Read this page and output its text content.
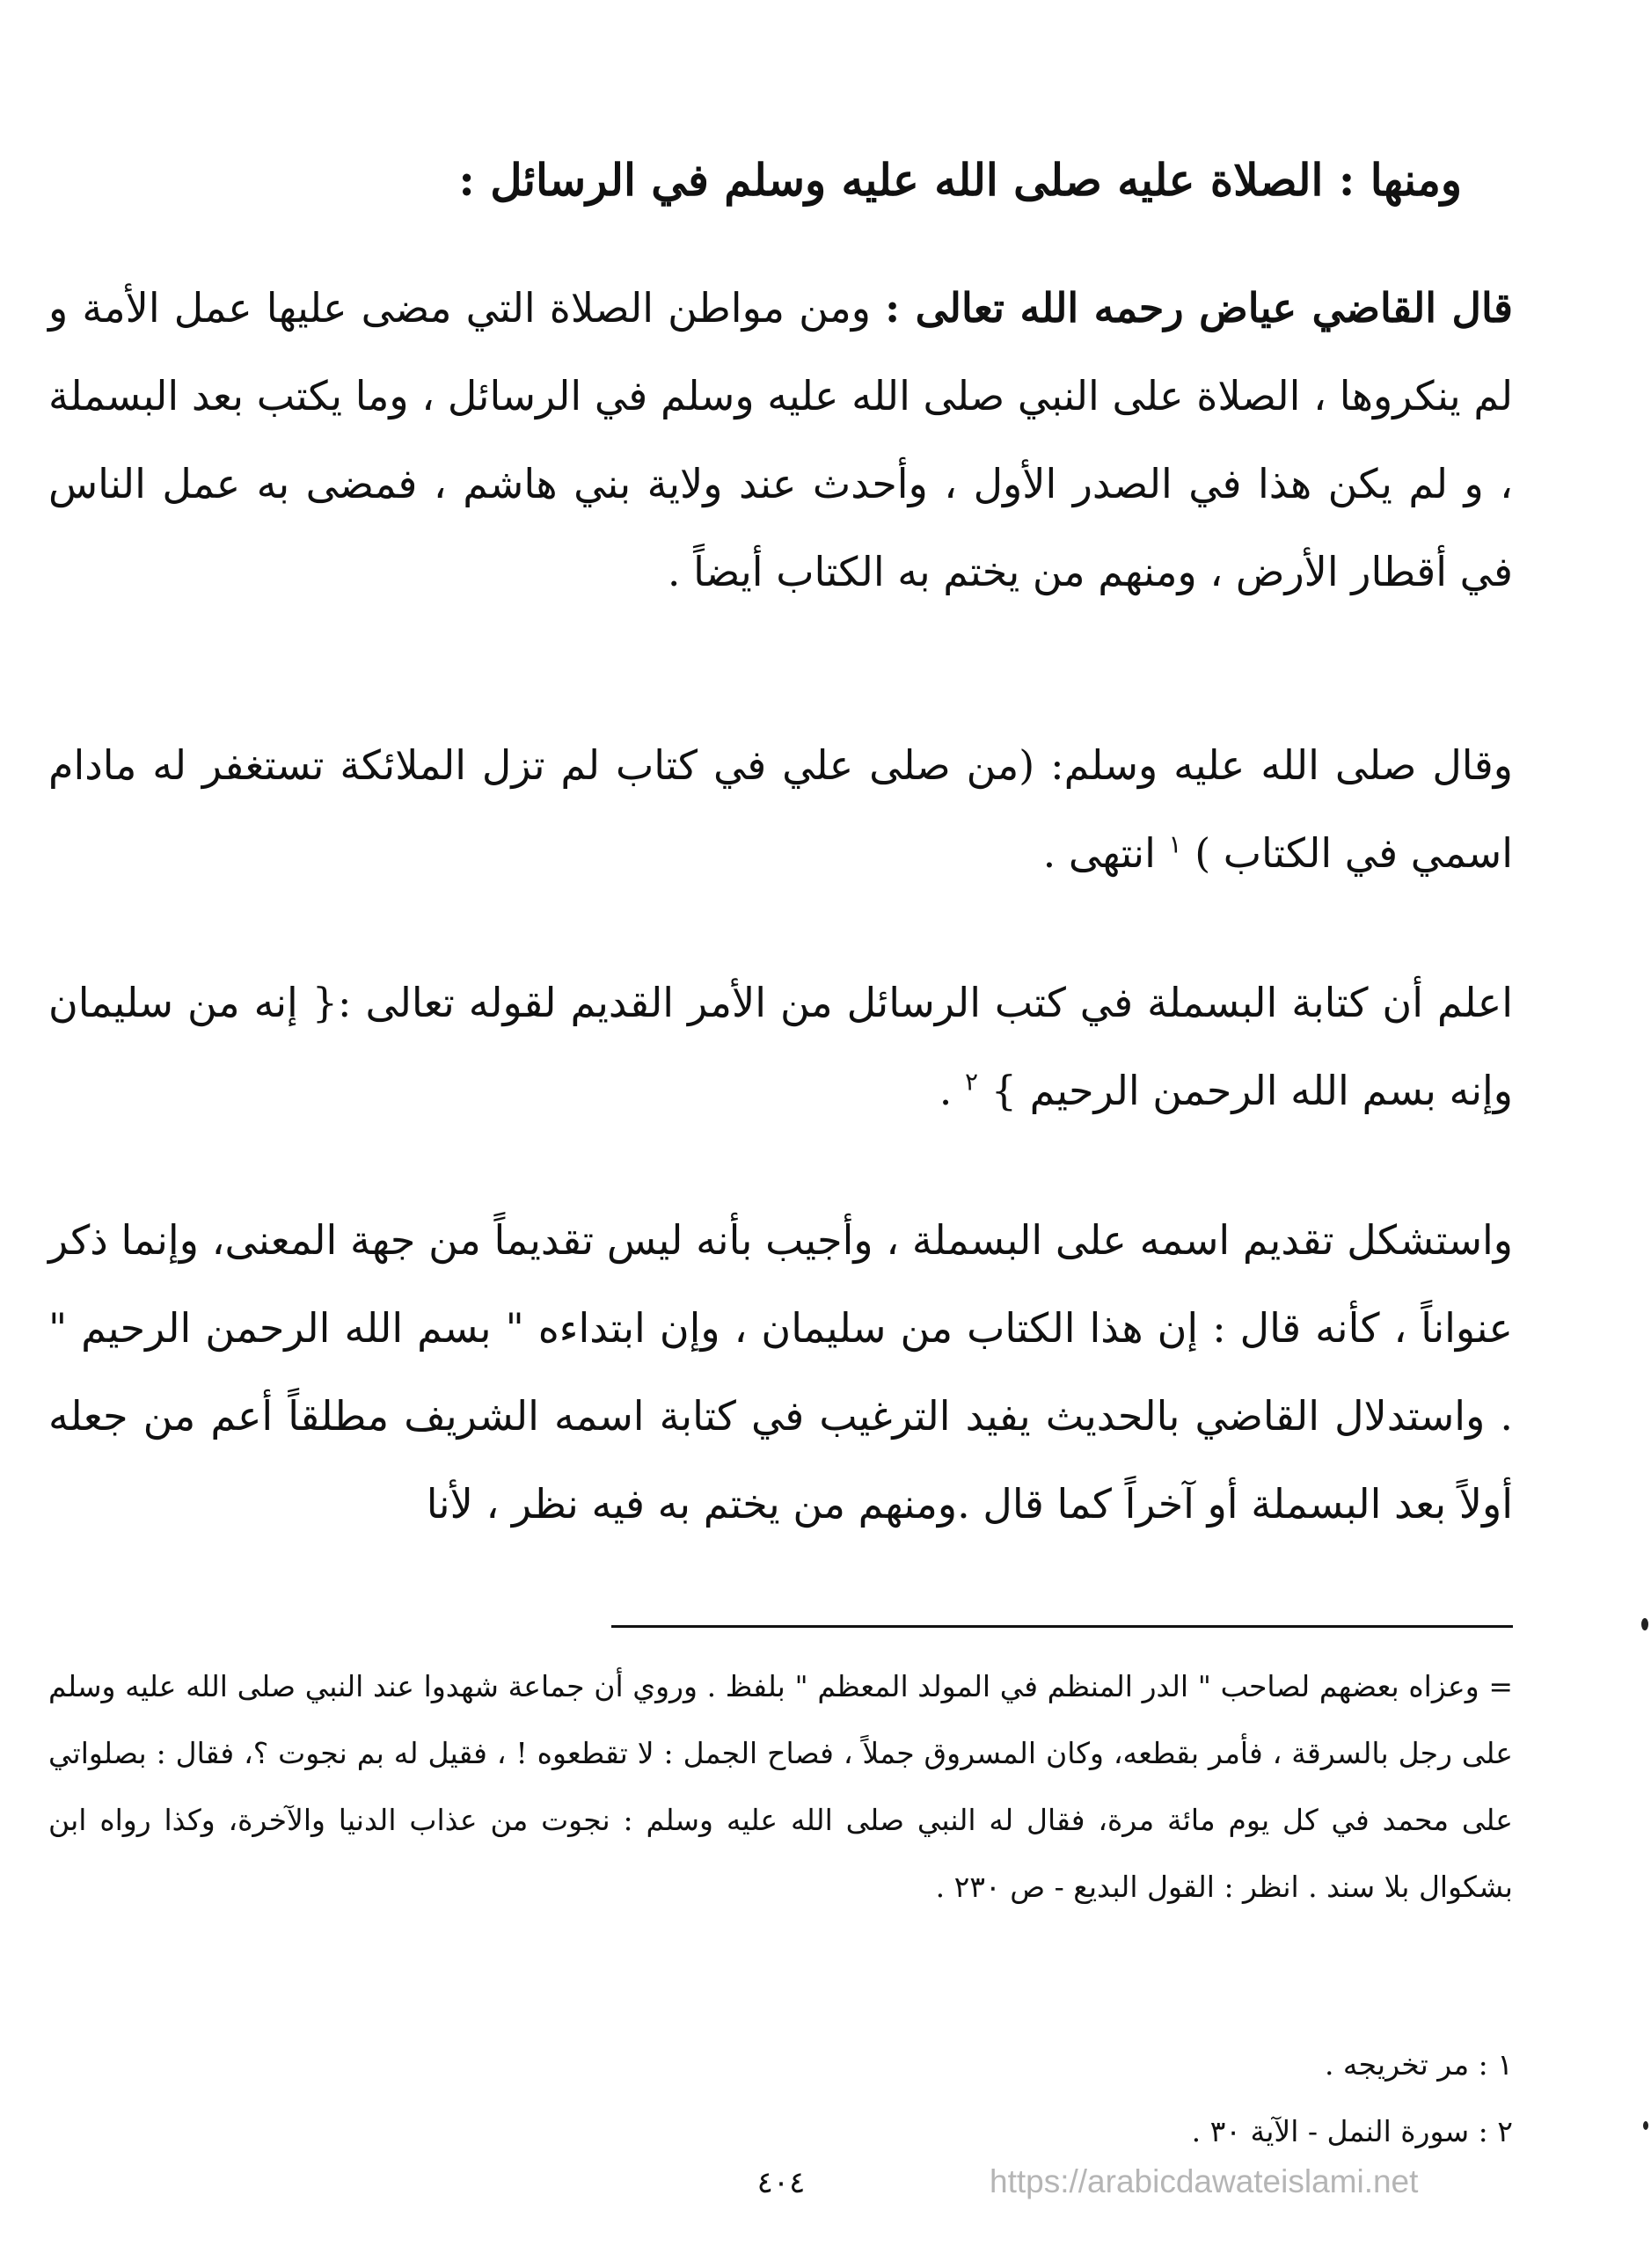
ومنها : الصلاة عليه صلى الله عليه وسلم في الرسائل :

قال القاضي عياض رحمه الله تعالى : ومن مواطن الصلاة التي مضى عليها عمل الأمة و لم ينكروها ، الصلاة على النبي صلى الله عليه وسلم في الرسائل ، وما يكتب بعد البسملة ، و لم يكن هذا في الصدر الأول ، وأحدث عند ولاية بني هاشم ، فمضى به عمل الناس في أقطار الأرض ، ومنهم من يختم به الكتاب أيضاً .

وقال صلى الله عليه وسلم: (من صلى علي في كتاب لم تزل الملائكة تستغفر له مادام اسمي في الكتاب ) $^١$ انتهى .

اعلم أن كتابة البسملة في كتب الرسائل من الأمر القديم لقوله تعالى :{ إنه من سليمان وإنه بسم الله الرحمن الرحيم } $^٢$ .

واستشكل تقديم اسمه على البسملة ، وأجيب بأنه ليس تقديماً من جهة المعنى، وإنما ذكر عنواناً ، كأنه قال : إن هذا الكتاب من سليمان ، وإن ابتداءه " بسم الله الرحمن الرحيم " . واستدلال القاضي بالحديث يفيد الترغيب في كتابة اسمه الشريف مطلقاً أعم من جعله أولاً بعد البسملة أو آخراً كما قال .ومنهم من يختم به فيه نظر ، لأنا

= وعزاه بعضهم لصاحب " الدر المنظم في المولد المعظم " بلفظ . وروي أن جماعة شهدوا عند النبي صلى الله عليه وسلم على رجل بالسرقة ، فأمر بقطعه، وكان المسروق جملاً ، فصاح الجمل : لا تقطعوه ! ، فقيل له بم نجوت ؟، فقال : بصلواتي على محمد في كل يوم مائة مرة، فقال له النبي صلى الله عليه وسلم : نجوت من عذاب الدنيا والآخرة، وكذا رواه ابن بشكوال بلا سند . انظر : القول البديع - ص ٢٣٠ .

١ : مر تخريجه .

٢ : سورة النمل - الآية ٣٠ .

٤٠٤	https://arabicdawateislami.net
